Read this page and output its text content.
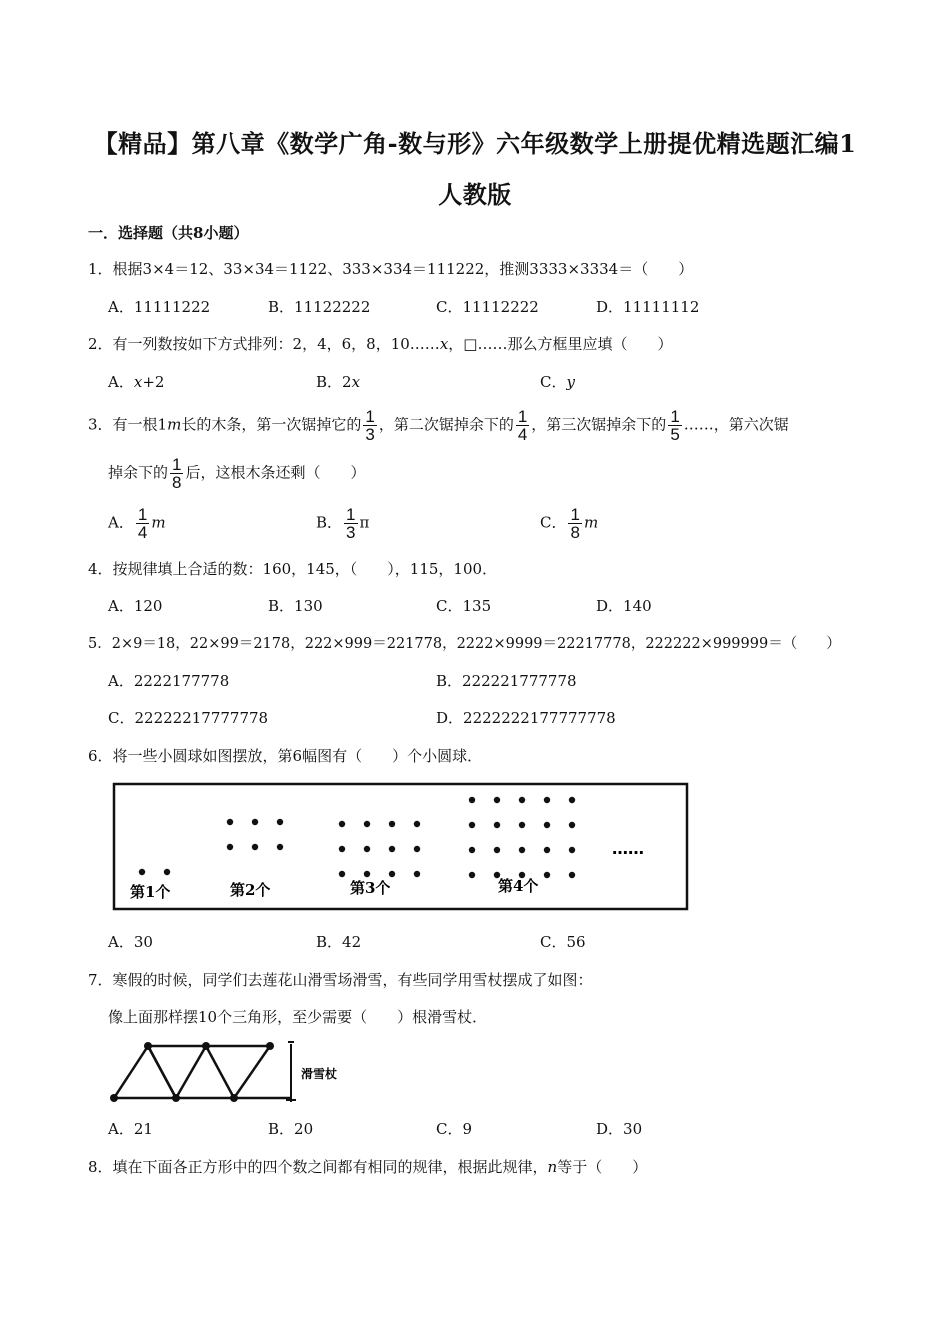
【精品】第八章《数学广角-数与形》六年级数学上册提优精选题汇编1
人教版
一．选择题（共8小题）
1．根据3×4＝12、33×34＝1122、333×334＝111222，推测3333×3334＝（　　）
A．11111222	B．11122222	C．11112222	D．11111112
2．有一列数按如下方式排列：2，4，6，8，10……x，□……那么方框里应填（　　）
A．x+2	B．2x	C．y
3．有一根1m长的木条，第一次锯掉它的 $\frac{1}{3}$ ，第二次锯掉余下的 $\frac{1}{4}$ ，第三次锯掉余下的 $\frac{1}{5}$ ……，第六次锯
掉余下的 $\frac{1}{8}$ 后，这根木条还剩（　　）
A． $\frac{1}{4}$ m	B． $\frac{1}{3}$ π	C． $\frac{1}{8}$ m
4．按规律填上合适的数：160，145，（　　），115，100．
A．120	B．130	C．135	D．140
5．2×9＝18，22×99＝2178，222×999＝221778，2222×9999＝22217778，222222×999999＝（　　）
A．2222177778	B．222221777778
C．22222217777778	D．2222222177777778
6．将一些小圆球如图摆放，第6幅图有（　　）个小圆球．
第1个	第2个	第3个	第4个
……
A．30	B．42	C．56
7．寒假的时候，同学们去莲花山滑雪场滑雪，有些同学用雪杖摆成了如图：
像上面那样摆10个三角形，至少需要（　　）根滑雪杖．
滑雪杖
A．21	B．20	C．9	D．30
8．填在下面各正方形中的四个数之间都有相同的规律，根据此规律，n等于（　　）
